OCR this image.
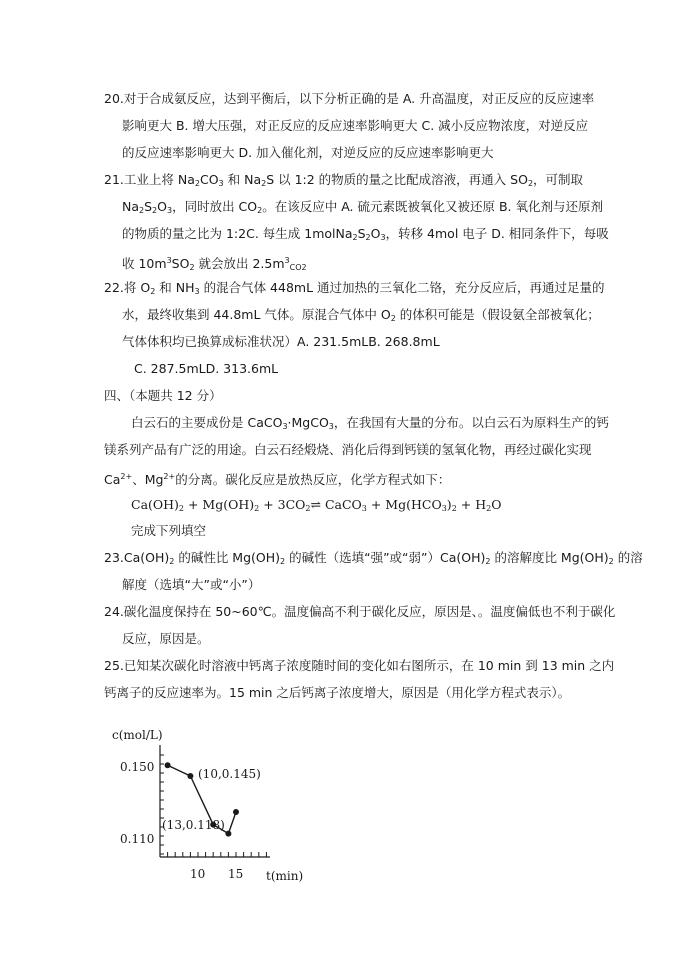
20.对于合成氨反应，达到平衡后，以下分析正确的是 A. 升高温度，对正反应的反应速率
影响更大 B. 增大压强，对正反应的反应速率影响更大 C. 减小反应物浓度，对逆反应
的反应速率影响更大 D. 加入催化剂，对逆反应的反应速率影响更大
21.工业上将 $Na_2CO_3$ 和 $Na_2S$ 以 1:2 的物质的量之比配成溶液，再通入 $SO_2$，可制取
$Na_2S_2O_3$，同时放出 $CO_2$。在该反应中 A. 硫元素既被氧化又被还原 B. 氧化剂与还原剂
的物质的量之比为 1:2C. 每生成 $1molNa_2S_2O_3$，转移 4mol 电子 D. 相同条件下，每吸
收 $10m^3SO_2$ 就会放出 $2.5m^3_{CO2}$
22.将 $O_2$ 和 $NH_3$ 的混合气体 448mL 通过加热的三氧化二铬，充分反应后，再通过足量的
水，最终收集到 44.8mL 气体。原混合气体中 $O_2$ 的体积可能是（假设氨全部被氧化；
气体体积均已换算成标准状况）A. 231.5mLB. 268.8mL
C. 287.5mLD. 313.6mL
四、（本题共 12 分）
白云石的主要成份是 CaCO$_3$·MgCO$_3$，在我国有大量的分布。以白云石为原料生产的钙
镁系列产品有广泛的用途。白云石经煅烧、消化后得到钙镁的氢氧化物，再经过碳化实现
$Ca^{2+}$、$Mg^{2+}$的分离。碳化反应是放热反应，化学方程式如下：
$Ca(OH)_2 + Mg(OH)_2$ + $3CO_2\rightleftharpoons$ CaCO$_3$ + $Mg(HCO_3)_2 + H_2O$
完成下列填空
$23.Ca(OH)_2$ 的碱性比 $Mg(OH)_2$ 的碱性（选填“强”或“弱$”)Ca(OH)_2$ 的溶解度比 $Mg(OH)_2$ 的溶
解度（选填“大”或“小”）
24.碳化温度保持在 50~60℃。温度偏高不利于碳化反应，原因是、。温度偏低也不利于碳化
反应，原因是。
25.已知某次碳化时溶液中钙离子浓度随时间的变化如右图所示，在 10 min 到 13 min 之内
钙离子的反应速率为。15 min 之后钙离子浓度增大，原因是（用化学方程式表示）。
c(mol/L)
t(min)
0.150
0.110
10 15
(10,0.145)
(13,0.118)
